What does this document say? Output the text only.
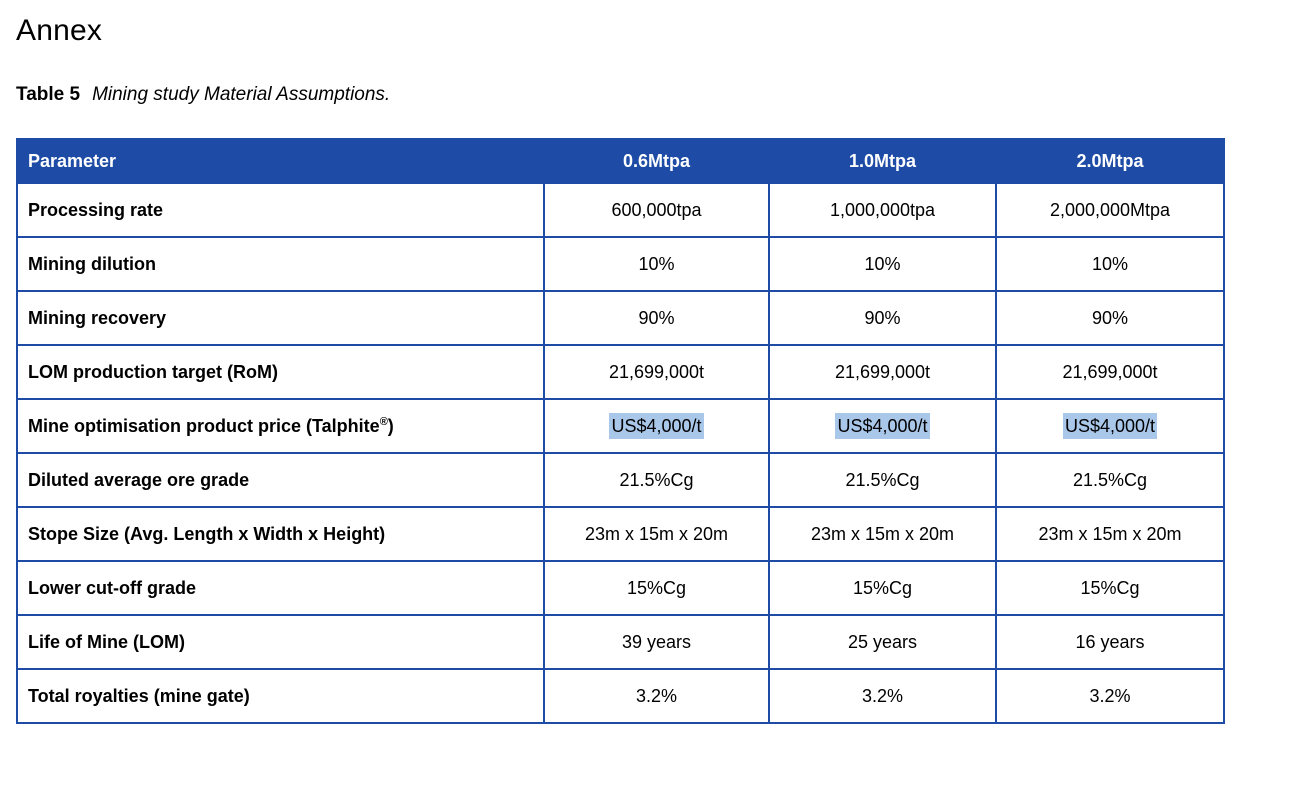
Annex

Table 5 Mining study Material Assumptions.

Parameter	0.6Mtpa	1.0Mtpa	2.0Mtpa
Processing rate	600,000tpa	1,000,000tpa	2,000,000Mtpa
Mining dilution	10%	10%	10%
Mining recovery	90%	90%	90%
LOM production target (RoM)	21,699,000t	21,699,000t	21,699,000t
Mine optimisation product price (Talphite®)	US$4,000/t	US$4,000/t	US$4,000/t
Diluted average ore grade	21.5%Cg	21.5%Cg	21.5%Cg
Stope Size (Avg. Length x Width x Height)	23m x 15m x 20m	23m x 15m x 20m	23m x 15m x 20m
Lower cut-off grade	15%Cg	15%Cg	15%Cg
Life of Mine (LOM)	39 years	25 years	16 years
Total royalties (mine gate)	3.2%	3.2%	3.2%
